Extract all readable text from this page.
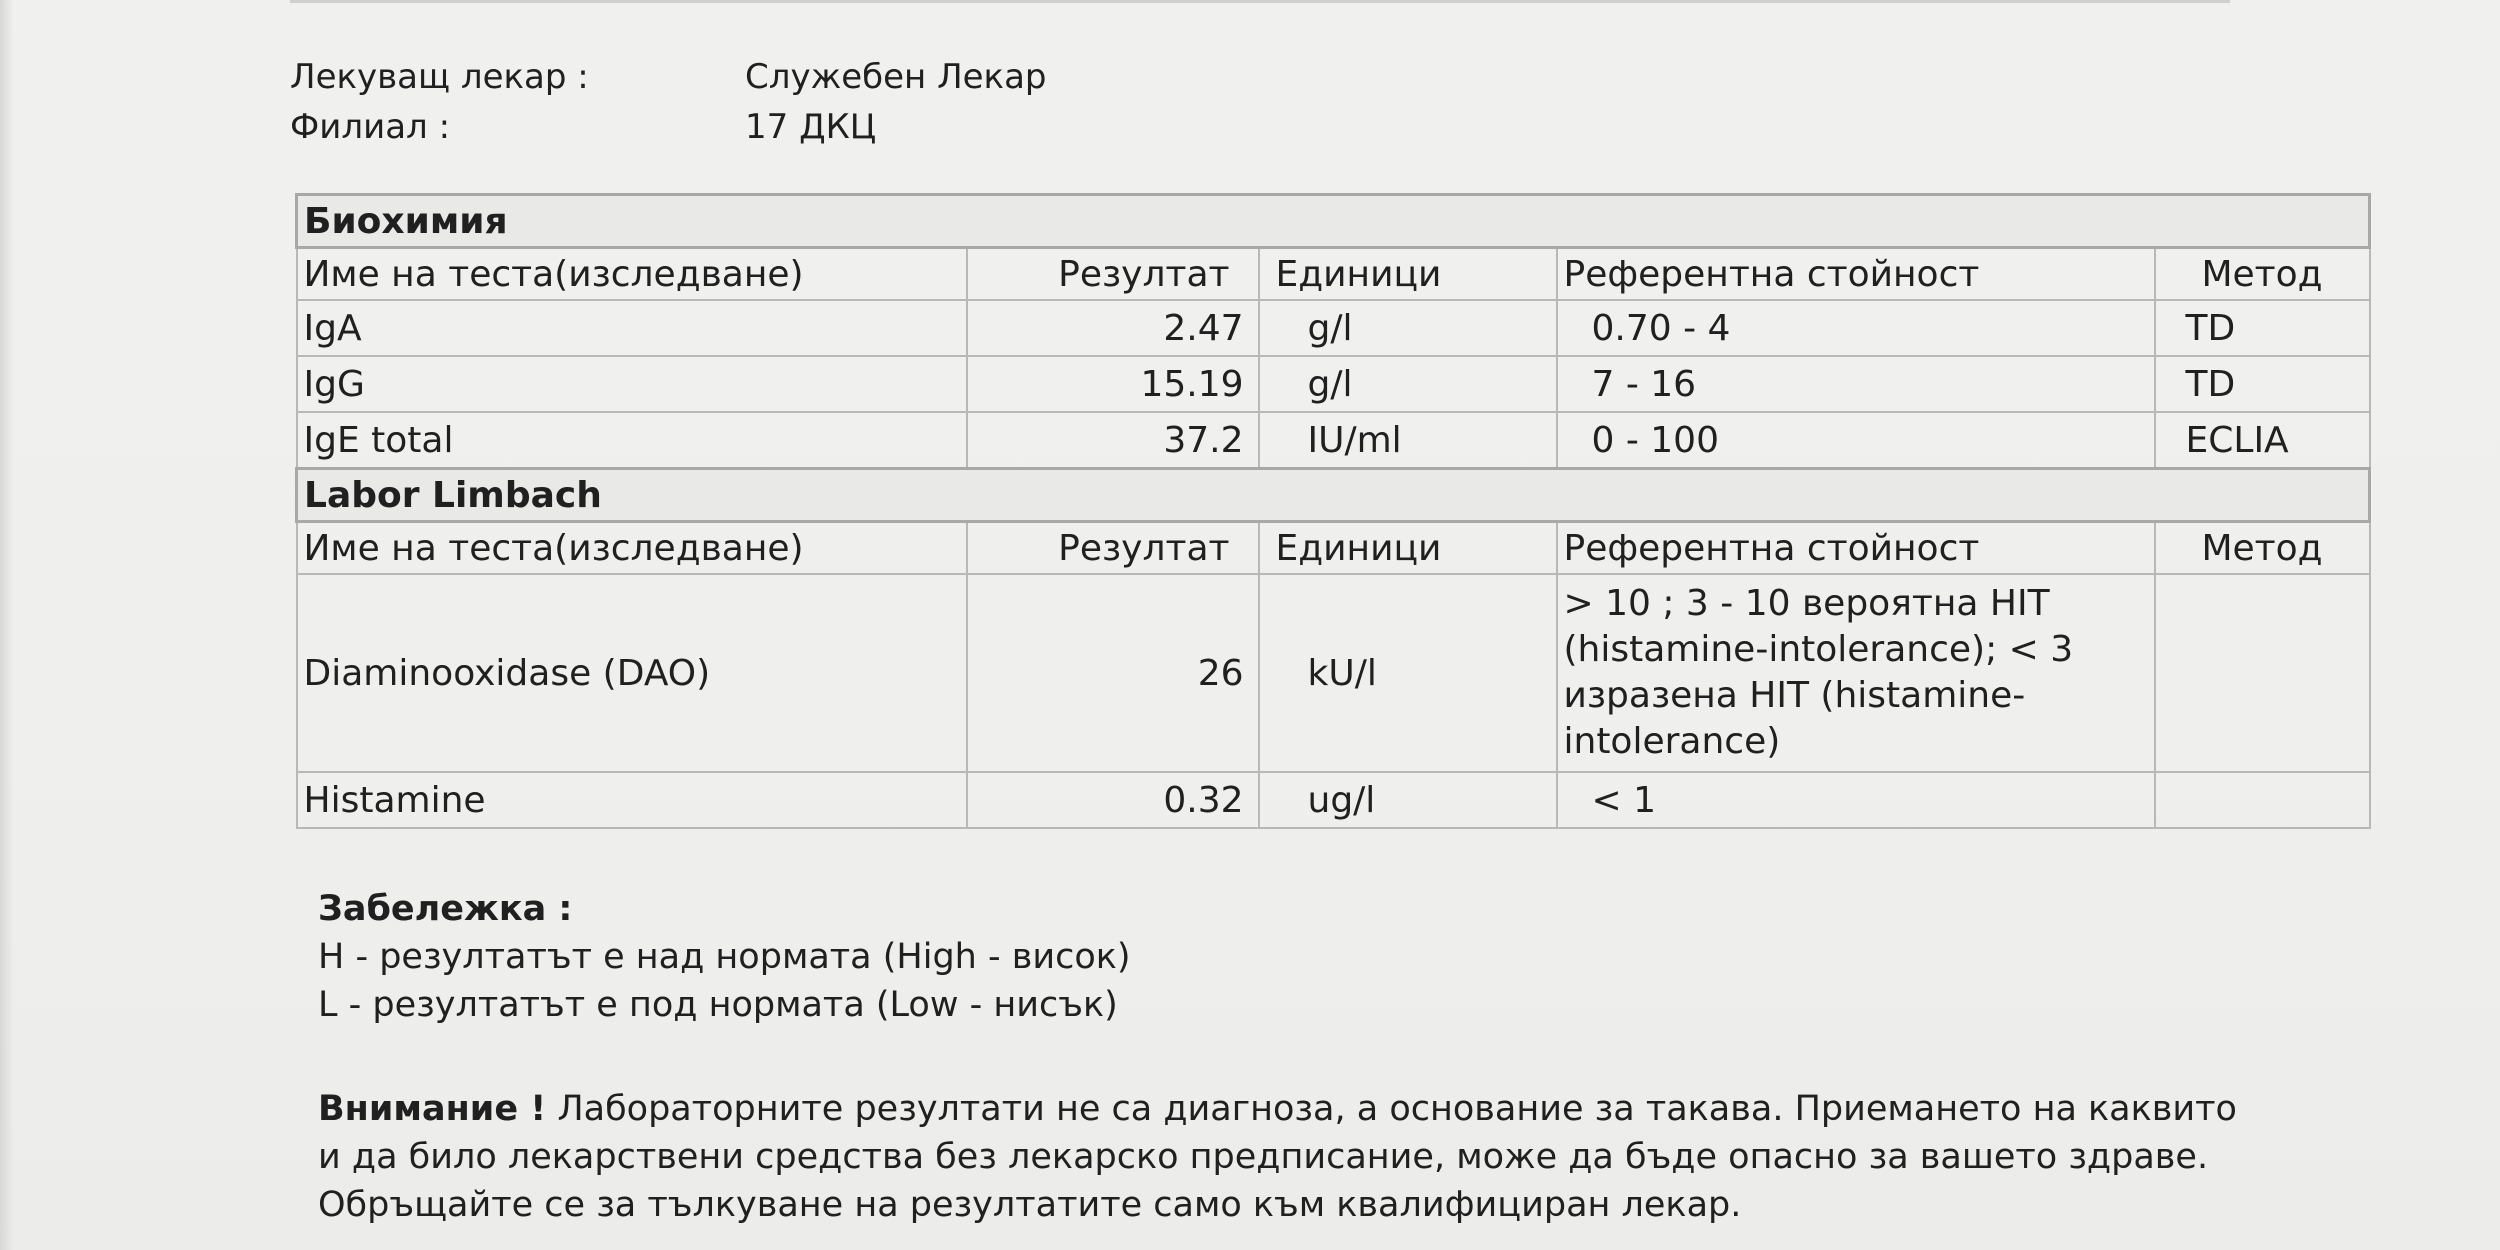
Лекуващ лекар :	Служебен Лекар
Филиал :	17 ДКЦ
Биохимия				
Име на теста(изследване)	Резултат	Единици	Референтна стойност	Метод
IgA	2.47	g/l	0.70 - 4	TD
IgG	15.19	g/l	7 - 16	TD
IgE total	37.2	IU/ml	0 - 100	ECLIA
Labor Limbach				
Име на теста(изследване)	Резултат	Единици	Референтна стойност	Метод
Diaminooxidase (DAO)	26	kU/l	> 10 ; 3 - 10 вероятна HIT (histamine-intolerance); < 3 изразена HIT (histamine-intolerance)	
Histamine	0.32	ug/l	< 1	
Забележка :
H - резултатът е над нормата (High - висок)
L - резултатът е под нормата (Low - нисък)
Внимание ! Лабораторните резултати не са диагноза, а основание за такава. Приемането на каквито и да било лекарствени средства без лекарско предписание, може да бъде опасно за вашето здраве. Обръщайте се за тълкуване на резултатите само към квалифициран лекар.
